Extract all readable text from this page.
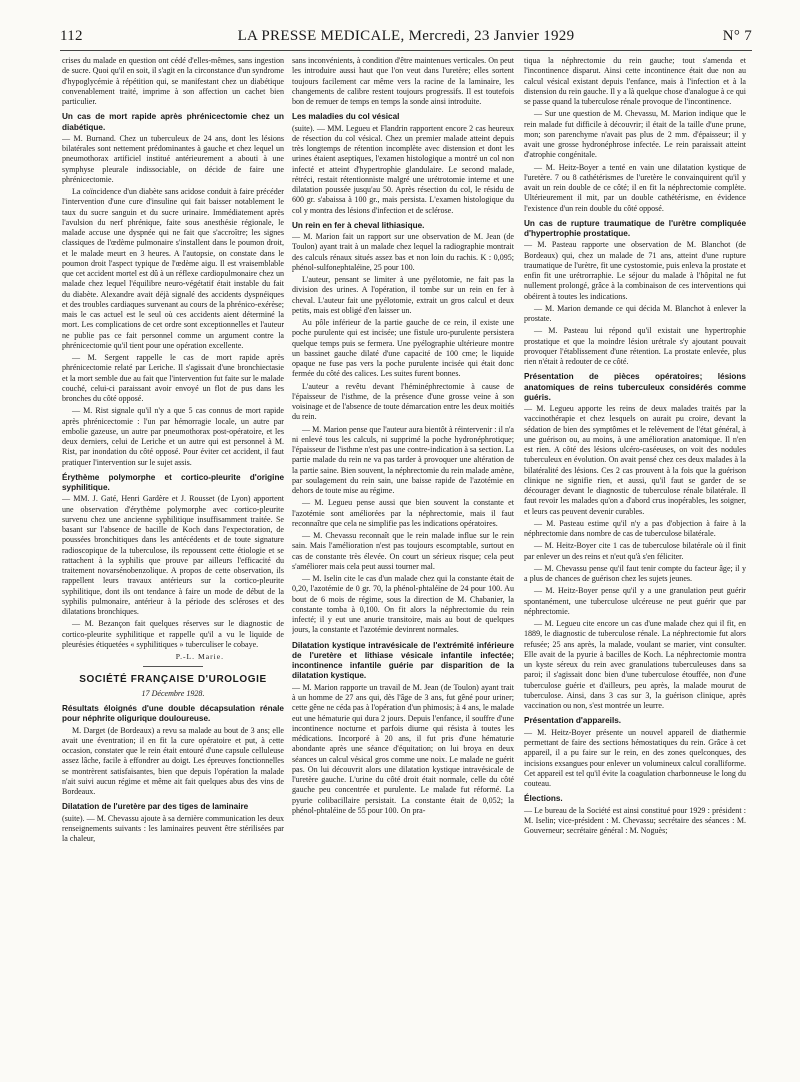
112	LA PRESSE MEDICALE, Mercredi, 23 Janvier 1929	N° 7

crises du malade en question ont cédé d'elles-mêmes, sans ingestion de sucre. Quoi qu'il en soit, il s'agit en la circonstance d'un syndrome d'hypoglycémie à répétition qui, se manifestant chez un diabétique convenablement traité, imprime à son affection un cachet bien particulier.

Un cas de mort rapide après phrénicectomie chez un diabétique.

— M. Burnand. Chez un tuberculeux de 24 ans, dont les lésions bilatérales sont nettement prédominantes à gauche et chez lequel un pneumothorax artificiel institué antérieurement a abouti à une symphyse pleurale indissociable, on décide de faire une phrénicectomie.

La coïncidence d'un diabète sans acidose conduit à faire précéder l'intervention d'une cure d'insuline qui fait baisser notablement le taux du sucre sanguin et du sucre urinaire. Immédiatement après l'avulsion du nerf phrénique, faite sous anesthésie régionale, le malade accuse une dyspnée qui ne fait que s'accroître; les signes classiques de l'œdème pulmonaire s'installent dans le poumon droit, et le malade meurt en 3 heures. A l'autopsie, on constate dans le poumon droit l'aspect typique de l'œdème aigu. Il est vraisemblable que cet accident mortel est dû à un réflexe cardiopulmonaire chez un malade chez lequel l'équilibre neuro-végétatif était instable du fait du diabète. Alexandre avait déjà signalé des accidents dyspnéiques et des troubles cardiaques survenant au cours de la phrénico-exérèse; mais le cas actuel est le seul où ces accidents aient déterminé la mort. Les complications de cet ordre sont exceptionnelles et l'auteur ne publie pas ce fait personnel comme un argument contre la phrénicectomie qu'il tient pour une opération excellente.

— M. Sergent rappelle le cas de mort rapide après phrénicectomie relaté par Leriche. Il s'agissait d'une bronchiectasie et la mort semble due au fait que l'intervention fut faite sur le malade couché, celui-ci paraissant avoir envoyé un flot de pus dans les bronches du côté opposé.

— M. Rist signale qu'il n'y a que 5 cas connus de mort rapide après phrénicectomie : l'un par hémorragie locale, un autre par embolie gazeuse, un autre par pneumothorax post-opératoire, et les deux derniers, celui de Leriche et un autre qui est personnel à M. Rist, par inondation du côté opposé. Pour éviter cet accident, il faut pratiquer l'intervention sur le sujet assis.

Érythème polymorphe et cortico-pleurite d'origine syphilitique.

— MM. J. Gaté, Henri Gardère et J. Rousset (de Lyon) apportent une observation d'érythème polymorphe avec cortico-pleurite survenu chez une ancienne syphilitique insuffisamment traitée. Se basant sur l'absence de bacille de Koch dans l'expectoration, de poussées bronchitiques dans les antécédents et de toute signature radioscopique de la tuberculose, ils repoussent cette étiologie et se rattachent à la syphilis que prouve par ailleurs l'efficacité du traitement novarsénobenzolique. A propos de cette observation, ils rappellent leurs travaux antérieurs sur la cortico-pleurite syphilitique, dont ils ont tendance à faire un mode de début de la syphilis pulmonaire, antérieur à la période des scléroses et des dilatations bronchiques.

— M. Bezançon fait quelques réserves sur le diagnostic de cortico-pleurite syphilitique et rappelle qu'il a vu le liquide de pleurésies étiquetées « syphilitiques » tuberculiser le cobaye.

P.-L. Marie.
SOCIÉTÉ FRANÇAISE D'UROLOGIE
17 Décembre 1928.
Résultats éloignés d'une double décapsulation rénale pour néphrite oligurique douloureuse.

M. Darget (de Bordeaux) a revu sa malade au bout de 3 ans; elle avait une éventration; il en fit la cure opératoire et put, à cette occasion, constater que le rein était entouré d'une capsule celluleuse assez lâche, facile à effondrer au doigt. Les épreuves fonctionnelles se montrèrent satisfaisantes, bien que depuis l'opération la malade n'ait suivi aucun régime et même ait fait quelques abus des vins de Bordeaux.

Dilatation de l'uretère par des tiges de laminaire

(suite). — M. Chevassu ajoute à sa dernière communication les deux renseignements suivants : les laminaires peuvent être stérilisées par la chaleur,

sans inconvénients, à condition d'être maintenues verticales. On peut les introduire aussi haut que l'on veut dans l'uretère; elles sortent toujours facilement car même vers la racine de la laminaire, les changements de calibre restent toujours progressifs. Il est toutefois bon de remuer de temps en temps la sonde ainsi introduite.

Les maladies du col vésical

(suite). — MM. Legueu et Flandrin rapportent encore 2 cas heureux de résection du col vésical. Chez un premier malade atteint depuis très longtemps de rétention incomplète avec distension et dont les urines étaient aseptiques, l'examen histologique a montré un col non infecté et atteint d'hypertrophie glandulaire. Le second malade, rétréci, restait rétentionniste malgré une urétrotomie interne et une dilatation poussée jusqu'au 50. Après résection du col, le résidu de 600 gr. s'abaissa à 100 gr., mais persista. L'examen histologique du col y montra des lésions d'infection et de sclérose.

Un rein en fer à cheval lithiasique.

— M. Marion fait un rapport sur une observation de M. Jean (de Toulon) ayant trait à un malade chez lequel la radiographie montrait des calculs rénaux situés assez bas et non loin du rachis. K : 0,095; phénol-sulfonephtaléine, 25 pour 100.

L'auteur, pensant se limiter à une pyélotomie, ne fait pas la division des urines. A l'opération, il tombe sur un rein en fer à cheval. L'auteur fait une pyélotomie, extrait un gros calcul et deux petits, mais est obligé d'en laisser un.

Au pôle inférieur de la partie gauche de ce rein, il existe une poche purulente qui est incisée; une fistule uro-purulente persistera quelque temps puis se fermera. Une pyélographie ultérieure montre un bassinet gauche dilaté d'une capacité de 100 cme; le liquide opaque ne fuse pas vers la poche purulente incisée qui était donc fermée du côté des calices. Les suites furent bonnes.

L'auteur a revêtu devant l'héminéphrectomie à cause de l'épaisseur de l'isthme, de la présence d'une grosse veine à son voisinage et de l'absence de toute démarcation entre les deux moitiés du rein.

— M. Marion pense que l'auteur aura bientôt à réintervenir : il n'a ni enlevé tous les calculs, ni supprimé la poche hydronéphrotique; l'épaisseur de l'isthme n'est pas une contre-indication à sa section. La partie malade du rein ne va pas tarder à provoquer une altération de la partie saine. Bien souvent, la néphrectomie du rein malade amène, par soulagement du rein sain, une baisse rapide de l'azotémie en dehors de toute mise au régime.

— M. Legueu pense aussi que bien souvent la constante et l'azotémie sont améliorées par la néphrectomie, mais il faut reconnaître que cela ne simplifie pas les indications opératoires.

— M. Chevassu reconnaît que le rein malade influe sur le rein sain. Mais l'amélioration n'est pas toujours escomptable, surtout en cas de constante très élevée. On court un sérieux risque; cela peut s'améliorer mais cela peut aussi tourner mal.

— M. Iselin cite le cas d'un malade chez qui la constante était de 0,20, l'azotémie de 0 gr. 70, la phénol-phtaléine de 24 pour 100. Au bout de 6 mois de régime, sous la direction de M. Chabanier, la constante tomba à 0,100. On fit alors la néphrectomie du rein infecté; il y eut une anurie transitoire, mais au bout de quelques jours, la constante et l'azotémie devinrent normales.

Dilatation kystique intravésicale de l'extrémité inférieure de l'uretère et lithiase vésicale infantile infectée; incontinence infantile guérie par disparition de la dilatation kystique.

— M. Marion rapporte un travail de M. Jean (de Toulon) ayant trait à un homme de 27 ans qui, dès l'âge de 3 ans, fut gêné pour uriner; cette gêne ne céda pas à l'opération d'un phimosis; à 4 ans, le malade eut une hématurie qui dura 2 jours. Depuis l'enfance, il souffre d'une incontinence nocturne et parfois diurne qui résista à toutes les médications. Incorporé à 20 ans, il fut pris d'une hématurie abondante après une séance d'équitation; on lui broya en deux séances un calcul vésical gros comme une noix. Le malade ne guérit pas. On lui découvrit alors une dilatation kystique intravésicale de l'uretère gauche. L'urine du côté droit était normale, celle du côté gauche peu concentrée et purulente. Le malade fut réformé. La pyurie colibacillaire persistait. La constante était de 0,052; la phénol-phtaléine de 55 pour 100. On pra-

tiqua la néphrectomie du rein gauche; tout s'amenda et l'incontinence disparut. Ainsi cette incontinence était due non au calcul vésical existant depuis l'enfance, mais à l'infection et à la distension du rein gauche. Il y a là quelque chose d'analogue à ce qui se passe quand la tuberculose rénale provoque de l'incontinence.

— Sur une question de M. Chevassu, M. Marion indique que le rein malade fut difficile à découvrir; il était de la taille d'une prune, mon; son parenchyme n'avait pas plus de 2 mm. d'épaisseur; il y avait une grosse hydronéphrose infectée. Le rein paraissait atteint d'atrophie congénitale.

— M. Heitz-Boyer a tenté en vain une dilatation kystique de l'uretère. 7 ou 8 cathétérismes de l'uretère le convainquirent qu'il y avait un rein double de ce côté; il en fit la néphrectomie complète. Ultérieurement il mit, par un double cathétérisme, en évidence l'existence d'un rein double du côté opposé.

Un cas de rupture traumatique de l'urètre compliquée d'hypertrophie prostatique.

— M. Pasteau rapporte une observation de M. Blanchot (de Bordeaux) qui, chez un malade de 71 ans, atteint d'une rupture traumatique de l'urètre, fit une cystostomie, puis enleva la prostate et enfin fit une urétrorraphie. Le séjour du malade à l'hôpital ne fut nullement prolongé, grâce à la combinaison de ces interventions qui obéirent à toutes les indications.

— M. Marion demande ce qui décida M. Blanchot à enlever la prostate.

— M. Pasteau lui répond qu'il existait une hypertrophie prostatique et que la moindre lésion urétrale s'y ajoutant pouvait provoquer l'établissement d'une rétention. La prostate enlevée, plus rien n'était à redouter de ce côté.

Présentation de pièces opératoires; lésions anatomiques de reins tuberculeux considérés comme guéris.

— M. Legueu apporte les reins de deux malades traités par la vaccinothérapie et chez lesquels on aurait pu croire, devant la sédation de bien des symptômes et le relèvement de l'état général, à une guérison ou, au moins, à une amélioration anatomique. Il n'en est rien. A côté des lésions ulcéro-caséeuses, on voit des nodules tuberculeux en évolution. On avait pensé chez ces deux malades à la bilatéralité des lésions. Ces 2 cas prouvent à la fois que la guérison clinique ne signifie rien, et aussi, qu'il faut se garder de se décourager devant le diagnostic de tuberculose rénale bilatérale. Il faut revoir les malades qu'on a d'abord crus inopérables, les soigner, et leurs cas peuvent devenir curables.

— M. Pasteau estime qu'il n'y a pas d'objection à faire à la néphrectomie dans nombre de cas de tuberculose bilatérale.

— M. Heitz-Boyer cite 1 cas de tuberculose bilatérale où il finit par enlever un des reins et n'eut qu'à s'en féliciter.

— M. Chevassu pense qu'il faut tenir compte du facteur âge; il y a plus de chances de guérison chez les sujets jeunes.

— M. Heitz-Boyer pense qu'il y a une granulation peut guérir spontanément, une tuberculose ulcéreuse ne peut guérir que par néphrectomie.

— M. Legueu cite encore un cas d'une malade chez qui il fit, en 1889, le diagnostic de tuberculose rénale. La néphrectomie fut alors refusée; 25 ans après, la malade, voulant se marier, vint consulter. Elle avait de la pyurie à bacilles de Koch. La néphrectomie montra un kyste séreux du rein avec granulations tuberculeuses dans sa paroi; il s'agissait donc bien d'une tuberculose étouffée, non d'une tuberculose guérie et d'ailleurs, peu après, la malade mourut de tuberculose. Ainsi, dans 3 cas sur 3, la guérison clinique, après vaccination ou non, s'est montrée un leurre.

Présentation d'appareils.

— M. Heitz-Boyer présente un nouvel appareil de diathermie permettant de faire des sections hémostatiques du rein. Grâce à cet appareil, il a pu faire sur le rein, en des zones quelconques, des incisions exsangues pour enlever un volumineux calcul coralliforme. Cet appareil est tel qu'il évite la coagulation charbonneuse le long du couteau.

Élections.

— Le bureau de la Société est ainsi constitué pour 1929 : président : M. Iselin; vice-président : M. Chevassu; secrétaire des séances : M. Gouverneur; secrétaire général : M. Noguès;
